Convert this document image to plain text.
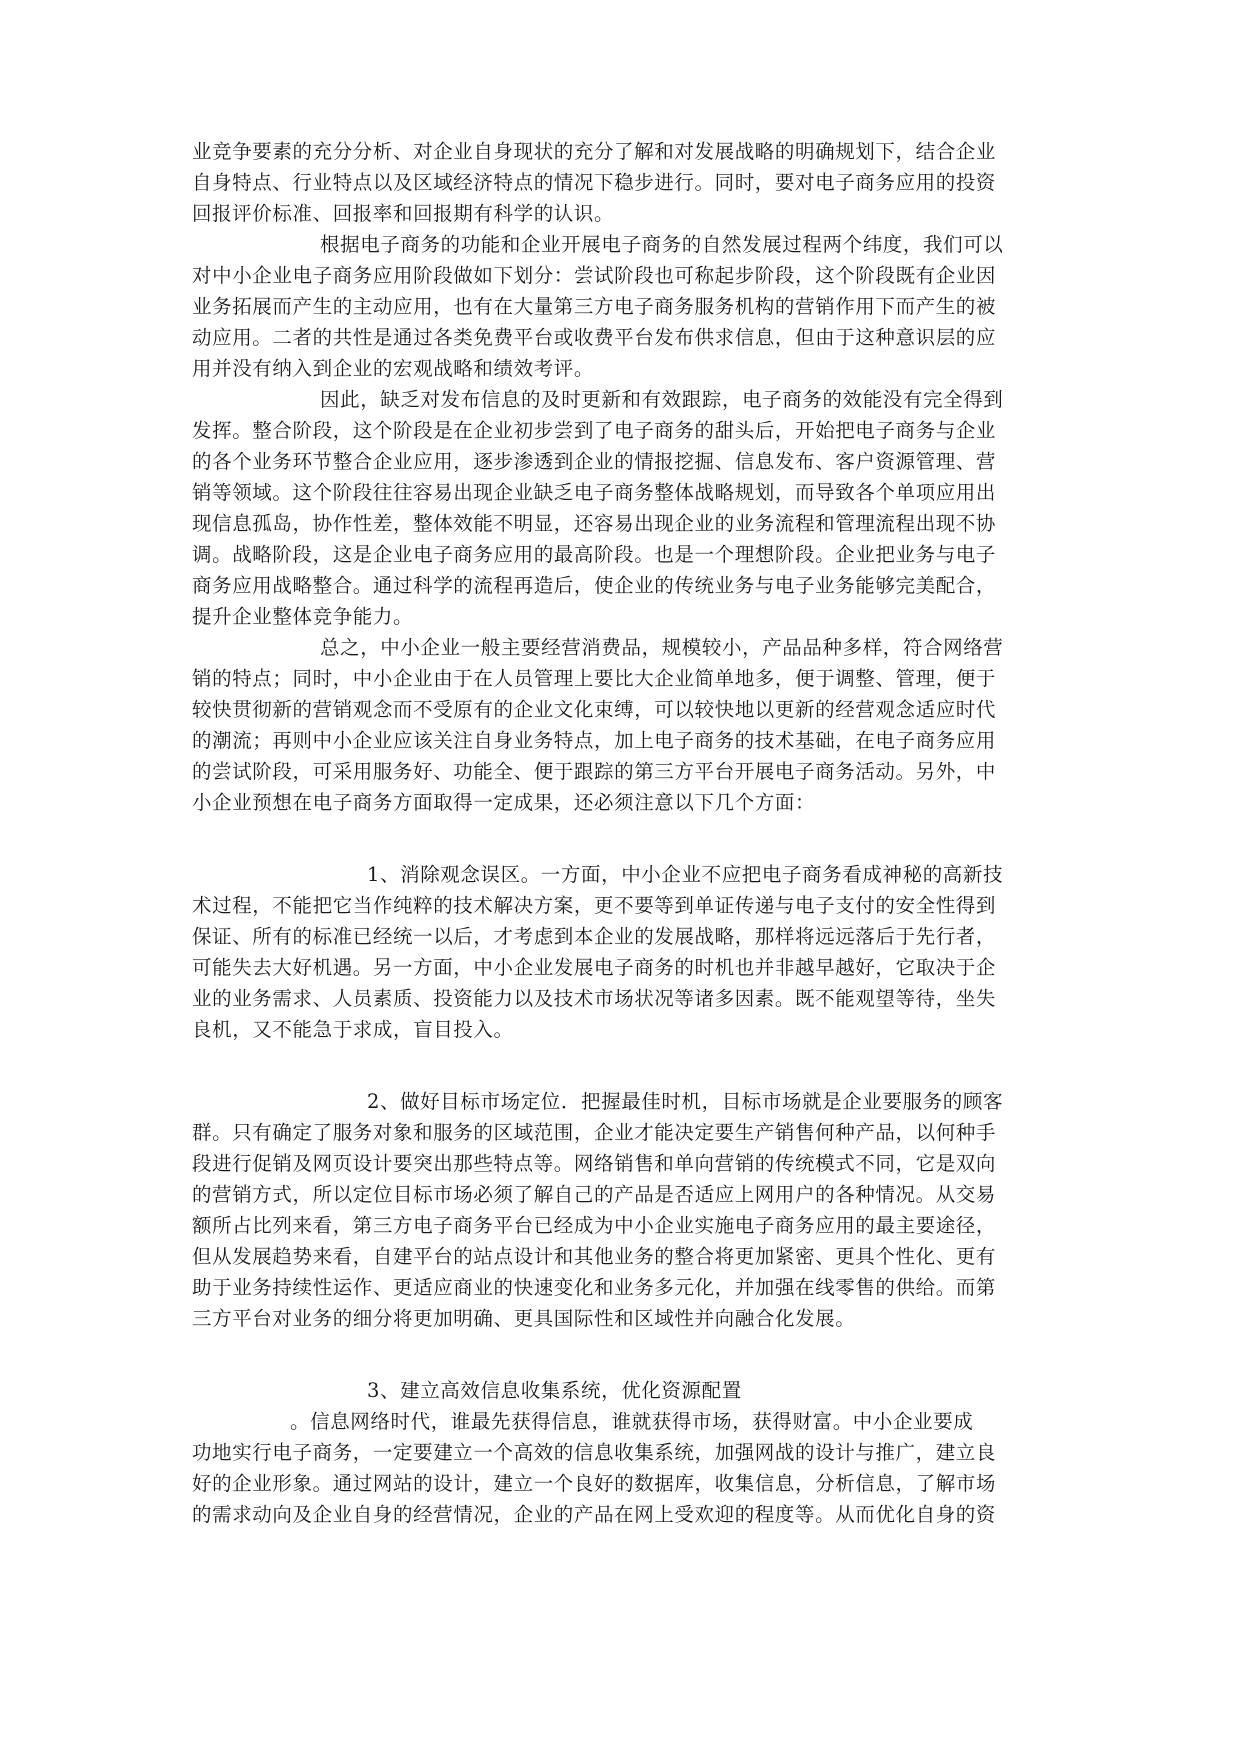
业竞争要素的充分分析、对企业自身现状的充分了解和对发展战略的明确规划下，结合企业
自身特点、行业特点以及区域经济特点的情况下稳步进行。同时，要对电子商务应用的投资
回报评价标准、回报率和回报期有科学的认识。
根据电子商务的功能和企业开展电子商务的自然发展过程两个纬度，我们可以
对中小企业电子商务应用阶段做如下划分：尝试阶段也可称起步阶段，这个阶段既有企业因
业务拓展而产生的主动应用，也有在大量第三方电子商务服务机构的营销作用下而产生的被
动应用。二者的共性是通过各类免费平台或收费平台发布供求信息，但由于这种意识层的应
用并没有纳入到企业的宏观战略和绩效考评。
因此，缺乏对发布信息的及时更新和有效跟踪，电子商务的效能没有完全得到
发挥。整合阶段，这个阶段是在企业初步尝到了电子商务的甜头后，开始把电子商务与企业
的各个业务环节整合企业应用，逐步渗透到企业的情报挖掘、信息发布、客户资源管理、营
销等领域。这个阶段往往容易出现企业缺乏电子商务整体战略规划，而导致各个单项应用出
现信息孤岛，协作性差，整体效能不明显，还容易出现企业的业务流程和管理流程出现不协
调。战略阶段，这是企业电子商务应用的最高阶段。也是一个理想阶段。企业把业务与电子
商务应用战略整合。通过科学的流程再造后，使企业的传统业务与电子业务能够完美配合，
提升企业整体竞争能力。
总之，中小企业一般主要经营消费品，规模较小，产品品种多样，符合网络营
销的特点；同时，中小企业由于在人员管理上要比大企业简单地多，便于调整、管理，便于
较快贯彻新的营销观念而不受原有的企业文化束缚，可以较快地以更新的经营观念适应时代
的潮流；再则中小企业应该关注自身业务特点，加上电子商务的技术基础，在电子商务应用
的尝试阶段，可采用服务好、功能全、便于跟踪的第三方平台开展电子商务活动。另外，中
小企业预想在电子商务方面取得一定成果，还必须注意以下几个方面：
1、消除观念误区。一方面，中小企业不应把电子商务看成神秘的高新技
术过程，不能把它当作纯粹的技术解决方案，更不要等到单证传递与电子支付的安全性得到
保证、所有的标准已经统一以后，才考虑到本企业的发展战略，那样将远远落后于先行者，
可能失去大好机遇。另一方面，中小企业发展电子商务的时机也并非越早越好，它取决于企
业的业务需求、人员素质、投资能力以及技术市场状况等诸多因素。既不能观望等待，坐失
良机，又不能急于求成，盲目投入。
2、做好目标市场定位．把握最佳时机，目标市场就是企业要服务的顾客
群。只有确定了服务对象和服务的区域范围，企业才能决定要生产销售何种产品，以何种手
段进行促销及网页设计要突出那些特点等。网络销售和单向营销的传统模式不同，它是双向
的营销方式，所以定位目标市场必须了解自己的产品是否适应上网用户的各种情况。从交易
额所占比列来看，第三方电子商务平台已经成为中小企业实施电子商务应用的最主要途径，
但从发展趋势来看，自建平台的站点设计和其他业务的整合将更加紧密、更具个性化、更有
助于业务持续性运作、更适应商业的快速变化和业务多元化，并加强在线零售的供给。而第
三方平台对业务的细分将更加明确、更具国际性和区域性并向融合化发展。
3、建立高效信息收集系统，优化资源配置
。信息网络时代，谁最先获得信息，谁就获得市场，获得财富。中小企业要成
功地实行电子商务，一定要建立一个高效的信息收集系统，加强网战的设计与推广，建立良
好的企业形象。通过网站的设计，建立一个良好的数据库，收集信息，分析信息，了解市场
的需求动向及企业自身的经营情况，企业的产品在网上受欢迎的程度等。从而优化自身的资
